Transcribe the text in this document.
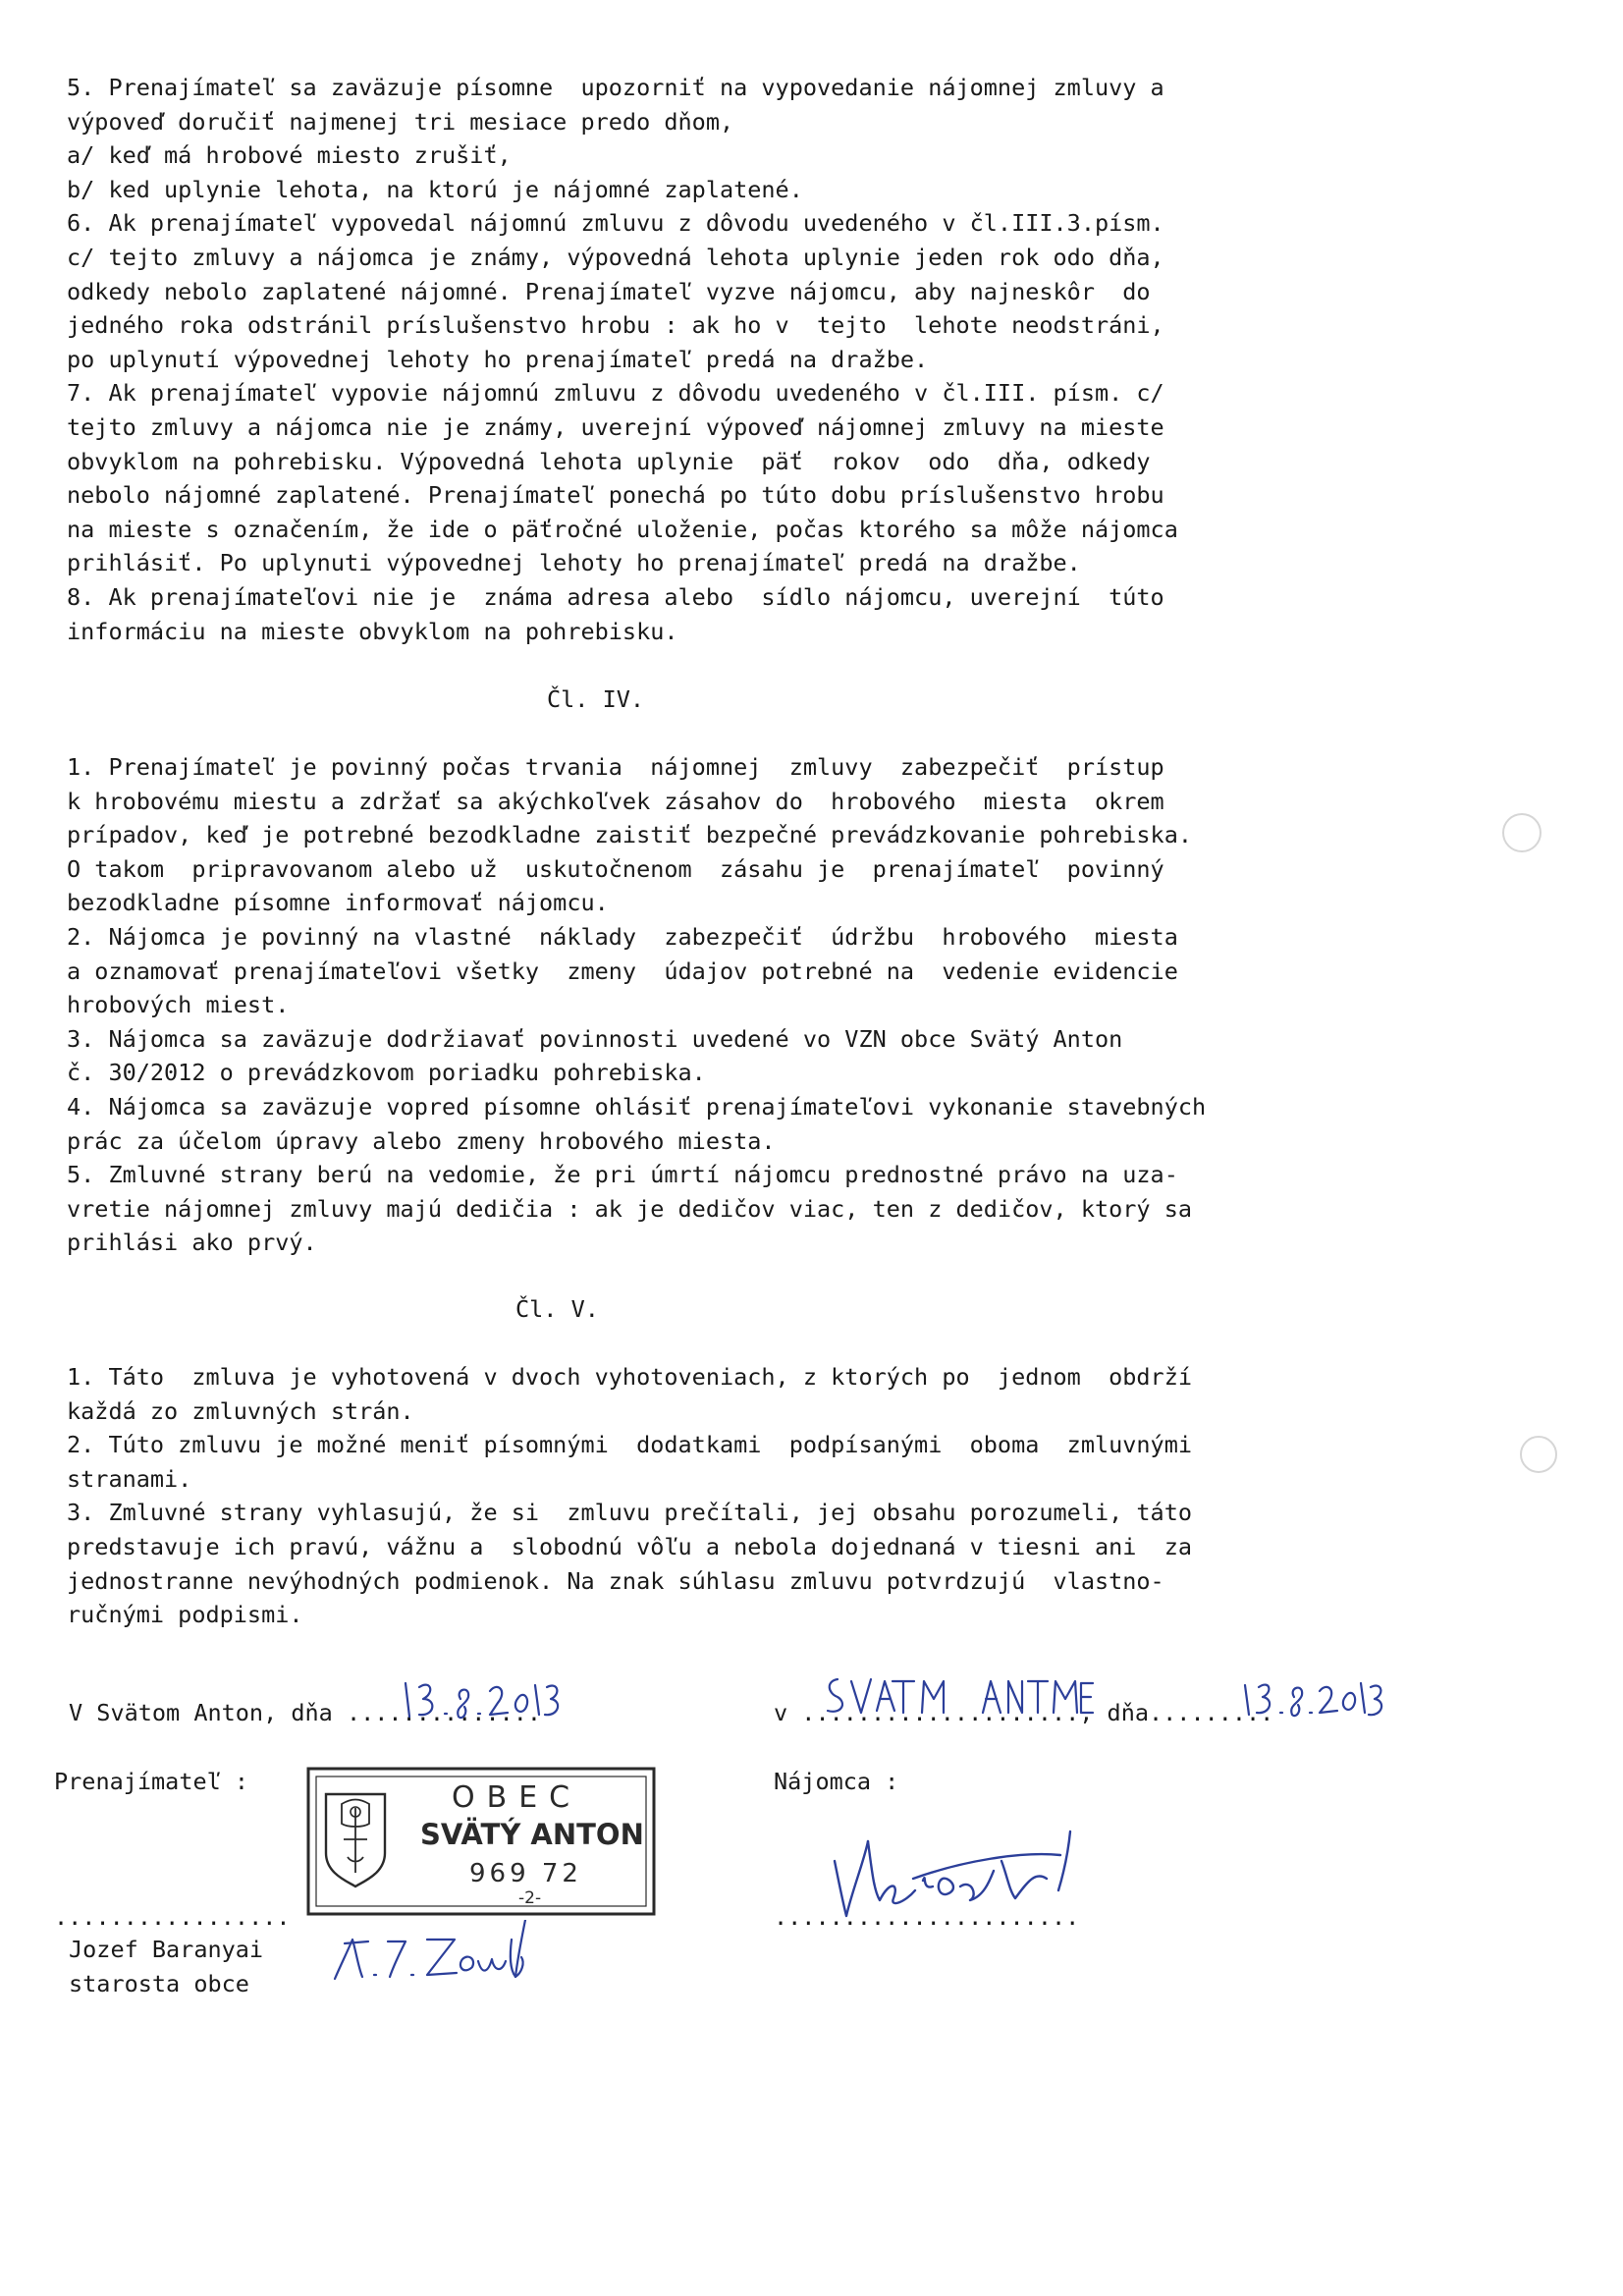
5. Prenajímateľ sa zaväzuje písomne  upozorniť na vypovedanie nájomnej zmluvy a

výpoveď doručiť najmenej tri mesiace predo dňom,

a/ keď má hrobové miesto zrušiť,

b/ ked uplynie lehota, na ktorú je nájomné zaplatené.

6. Ak prenajímateľ vypovedal nájomnú zmluvu z dôvodu uvedeného v čl.III.3.písm.

c/ tejto zmluvy a nájomca je známy, výpovedná lehota uplynie jeden rok odo dňa,

odkedy nebolo zaplatené nájomné. Prenajímateľ vyzve nájomcu, aby najneskôr  do

jedného roka odstránil príslušenstvo hrobu : ak ho v  tejto  lehote neodstráni,

po uplynutí výpovednej lehoty ho prenajímateľ predá na dražbe.

7. Ak prenajímateľ vypovie nájomnú zmluvu z dôvodu uvedeného v čl.III. písm. c/

tejto zmluvy a nájomca nie je známy, uverejní výpoveď nájomnej zmluvy na mieste

obvyklom na pohrebisku. Výpovedná lehota uplynie  päť  rokov  odo  dňa, odkedy

nebolo nájomné zaplatené. Prenajímateľ ponechá po túto dobu príslušenstvo hrobu

na mieste s označením, že ide o päťročné uloženie, počas ktorého sa môže nájomca

prihlásiť. Po uplynuti výpovednej lehoty ho prenajímateľ predá na dražbe.

8. Ak prenajímateľovi nie je  známa adresa alebo  sídlo nájomcu, uverejní  túto

informáciu na mieste obvyklom na pohrebisku.

Čl. IV.

1. Prenajímateľ je povinný počas trvania  nájomnej  zmluvy  zabezpečiť  prístup

k hrobovému miestu a zdržať sa akýchkoľvek zásahov do  hrobového  miesta  okrem

prípadov, keď je potrebné bezodkladne zaistiť bezpečné prevádzkovanie pohrebiska.

O takom  pripravovanom alebo už  uskutočnenom  zásahu je  prenajímateľ  povinný

bezodkladne písomne informovať nájomcu.

2. Nájomca je povinný na vlastné  náklady  zabezpečiť  údržbu  hrobového  miesta

a oznamovať prenajímateľovi všetky  zmeny  údajov potrebné na  vedenie evidencie

hrobových miest.

3. Nájomca sa zaväzuje dodržiavať povinnosti uvedené vo VZN obce Svätý Anton

č. 30/2012 o prevádzkovom poriadku pohrebiska.

4. Nájomca sa zaväzuje vopred písomne ohlásiť prenajímateľovi vykonanie stavebných

prác za účelom úpravy alebo zmeny hrobového miesta.

5. Zmluvné strany berú na vedomie, že pri úmrtí nájomcu prednostné právo na uza-

vretie nájomnej zmluvy majú dedičia : ak je dedičov viac, ten z dedičov, ktorý sa

prihlási ako prvý.

Čl. V.

1. Táto  zmluva je vyhotovená v dvoch vyhotoveniach, z ktorých po  jednom  obdrží

každá zo zmluvných strán.

2. Túto zmluvu je možné meniť písomnými  dodatkami  podpísanými  oboma  zmluvnými

stranami.

3. Zmluvné strany vyhlasujú, že si  zmluvu prečítali, jej obsahu porozumeli, táto

predstavuje ich pravú, vážnu a  slobodnú vôľu a nebola dojednaná v tiesni ani  za

jednostranne nevýhodných podmienok. Na znak súhlasu zmluvu potvrdzujú  vlastno-

ručnými podpismi.

V Svätom Anton, dňa ..............	v ...................., dňa.........

Prenajímateľ :	Nájomca :

OBEC
SVÄTÝ ANTON
969 72
-2-

.................	......................

Jozef Baranyai

starosta obce
